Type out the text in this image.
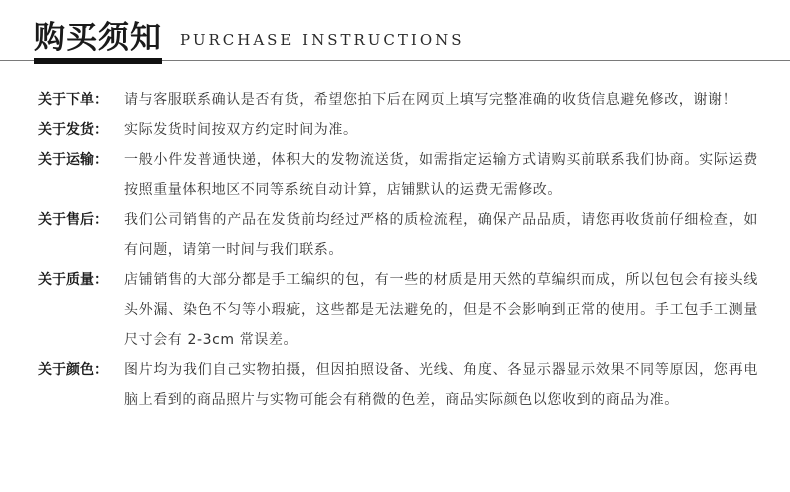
购买须知 PURCHASE INSTRUCTIONS
关于下单：	请与客服联系确认是否有货，希望您拍下后在网页上填写完整准确的收货信息避免修改，谢谢！
关于发货：	实际发货时间按双方约定时间为准。
关于运输：	一般小件发普通快递，体积大的发物流送货，如需指定运输方式请购买前联系我们协商。实际运费按照重量体积地区不同等系统自动计算，店铺默认的运费无需修改。
关于售后：	我们公司销售的产品在发货前均经过严格的质检流程，确保产品品质，请您再收货前仔细检查，如有问题，请第一时间与我们联系。
关于质量：	店铺销售的大部分都是手工编织的包，有一些的材质是用天然的草编织而成，所以包包会有接头线头外漏、染色不匀等小瑕疵，这些都是无法避免的，但是不会影响到正常的使用。手工包手工测量尺寸会有 2-3cm 常误差。
关于颜色：	图片均为我们自己实物拍摄，但因拍照设备、光线、角度、各显示器显示效果不同等原因，您再电脑上看到的商品照片与实物可能会有稍微的色差，商品实际颜色以您收到的商品为准。
